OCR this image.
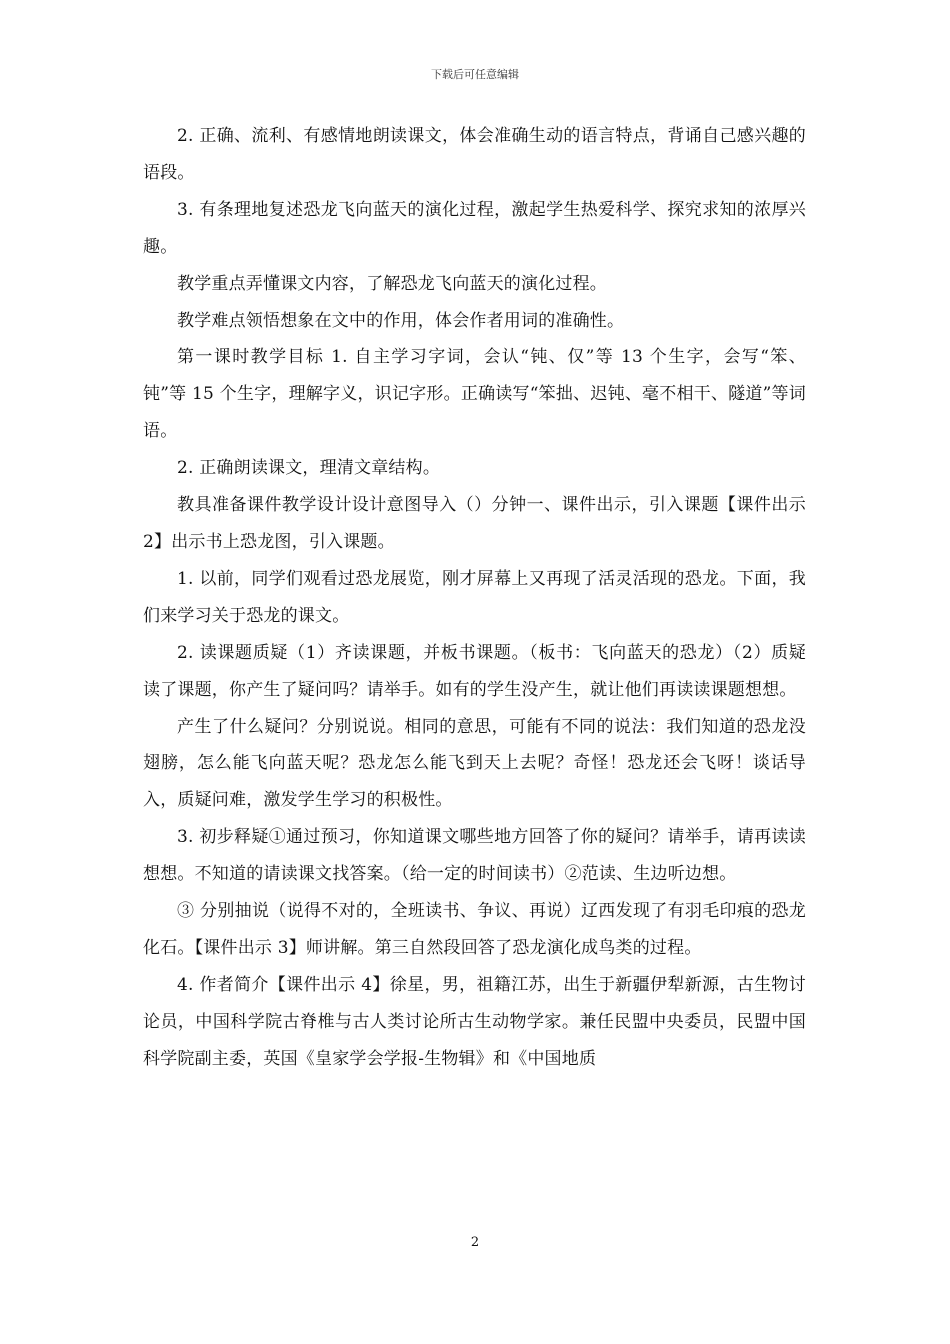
下载后可任意编辑

2. 正确、流利、有感情地朗读课文，体会准确生动的语言特点，背诵自己感兴趣的语段。

3. 有条理地复述恐龙飞向蓝天的演化过程，激起学生热爱科学、探究求知的浓厚兴趣。

教学重点弄懂课文内容，了解恐龙飞向蓝天的演化过程。

教学难点领悟想象在文中的作用，体会作者用词的准确性。

第一课时教学目标 1. 自主学习字词，会认“钝、仅”等 13 个生字，会写“笨、钝”等 15 个生字，理解字义，识记字形。正确读写“笨拙、迟钝、毫不相干、隧道”等词语。

2. 正确朗读课文，理清文章结构。

教具准备课件教学设计设计意图导入（）分钟一、课件出示，引入课题【课件出示 2】出示书上恐龙图，引入课题。

1. 以前，同学们观看过恐龙展览，刚才屏幕上又再现了活灵活现的恐龙。下面，我们来学习关于恐龙的课文。

2. 读课题质疑（1）齐读课题，并板书课题。（板书：飞向蓝天的恐龙）（2）质疑读了课题，你产生了疑问吗？请举手。如有的学生没产生，就让他们再读读课题想想。

产生了什么疑问？分别说说。相同的意思，可能有不同的说法：我们知道的恐龙没翅膀，怎么能飞向蓝天呢？恐龙怎么能飞到天上去呢？奇怪！恐龙还会飞呀！谈话导入，质疑问难，激发学生学习的积极性。

3. 初步释疑①通过预习，你知道课文哪些地方回答了你的疑问？请举手，请再读读想想。不知道的请读课文找答案。（给一定的时间读书）②范读、生边听边想。

③ 分别抽说（说得不对的，全班读书、争议、再说）辽西发现了有羽毛印痕的恐龙化石。【课件出示 3】师讲解。第三自然段回答了恐龙演化成鸟类的过程。

4. 作者简介【课件出示 4】徐星，男，祖籍江苏，出生于新疆伊犁新源，古生物讨论员，中国科学院古脊椎与古人类讨论所古生动物学家。兼任民盟中央委员，民盟中国科学院副主委，英国《皇家学会学报-生物辑》和《中国地质

2
